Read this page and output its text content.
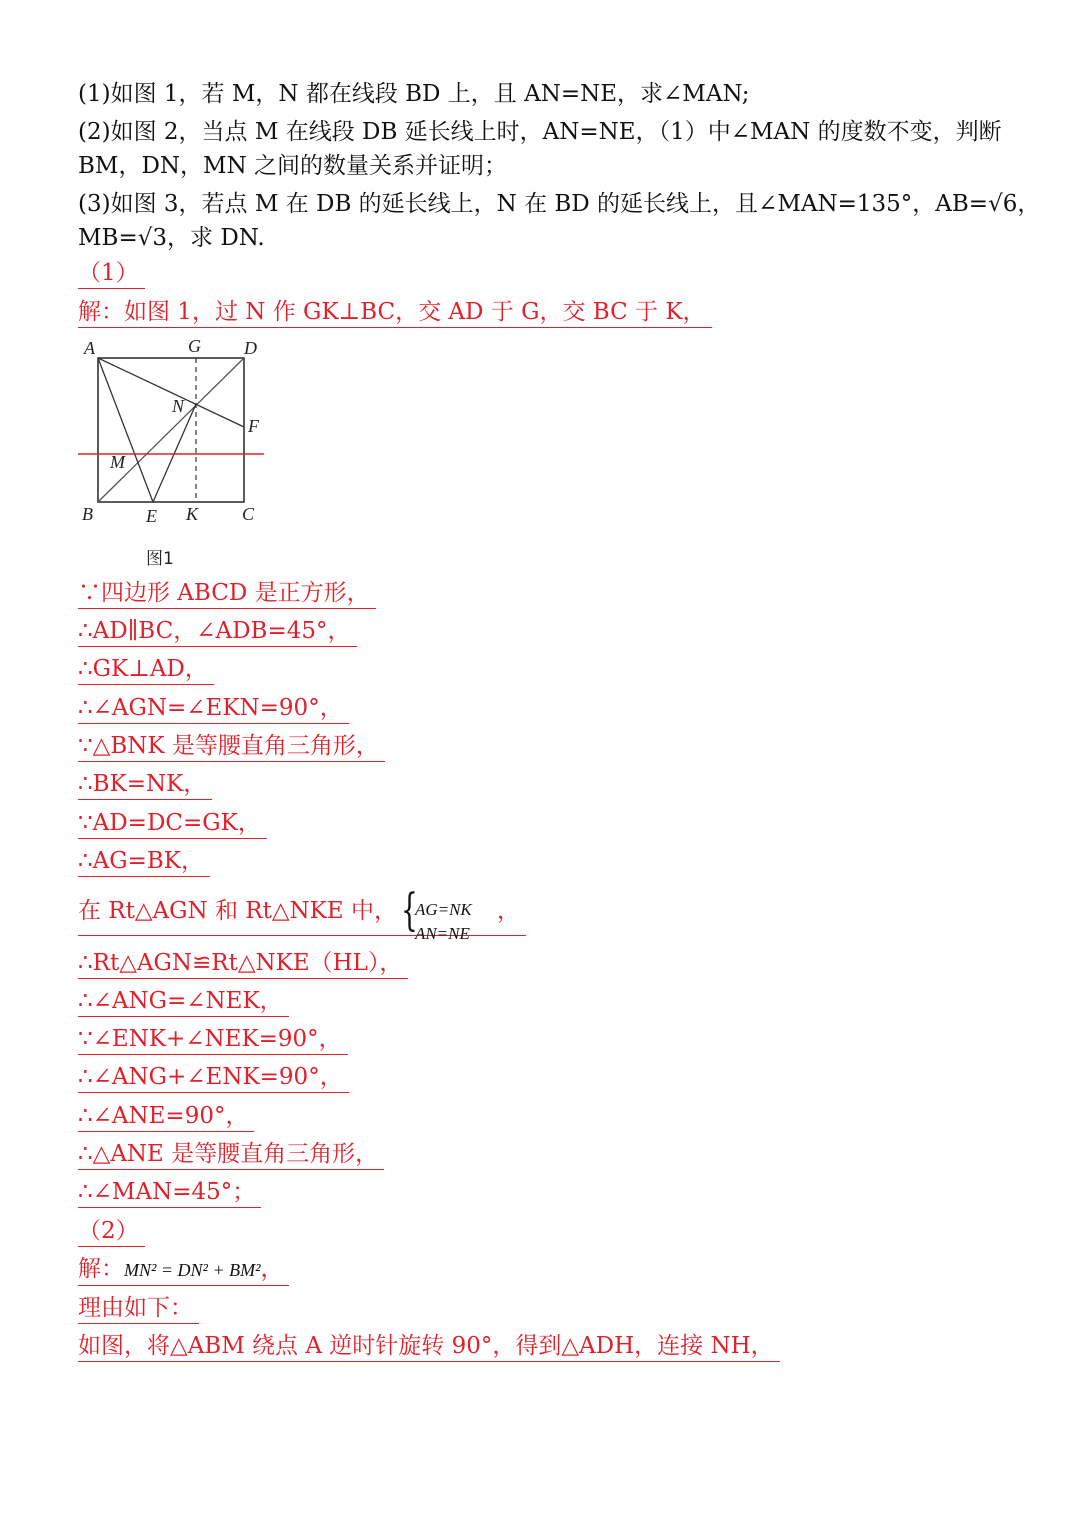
(1)如图 1，若 M，N 都在线段 BD 上，且 AN=NE，求∠MAN;
(2)如图 2，当点 M 在线段 DB 延长线上时，AN=NE，（1）中∠MAN 的度数不变，判断
BM，DN，MN 之间的数量关系并证明；
(3)如图 3，若点 M 在 DB 的延长线上，N 在 BD 的延长线上，且∠MAN=135°，AB=√6，
MB=√3，求 DN.
（1）
解：如图 1，过 N 作 GK⊥BC，交 AD 于 G，交 BC 于 K，
A	G D
N
F
M
B	E K C
图1
∵四边形 ABCD 是正方形，
∴AD∥BC，∠ADB=45°，
∴GK⊥AD，
∴∠AGN=∠EKN=90°，
∵△BNK 是等腰直角三角形，
∴BK=NK，
∵AD=DC=GK，
∴AG=BK，
在 Rt△AGN 和 Rt△NKE 中， {
AG=NK
AN=NE
，
∴Rt△AGN≌Rt△NKE（HL），
∴∠ANG=∠NEK，
∵∠ENK+∠NEK=90°，
∴∠ANG+∠ENK=90°，
∴∠ANE=90°，
∴△ANE 是等腰直角三角形，
∴∠MAN=45°；
（2）
解：MN² = DN² + BM²，
理由如下：
如图，将△ABM 绕点 A 逆时针旋转 90°，得到△ADH，连接 NH，
